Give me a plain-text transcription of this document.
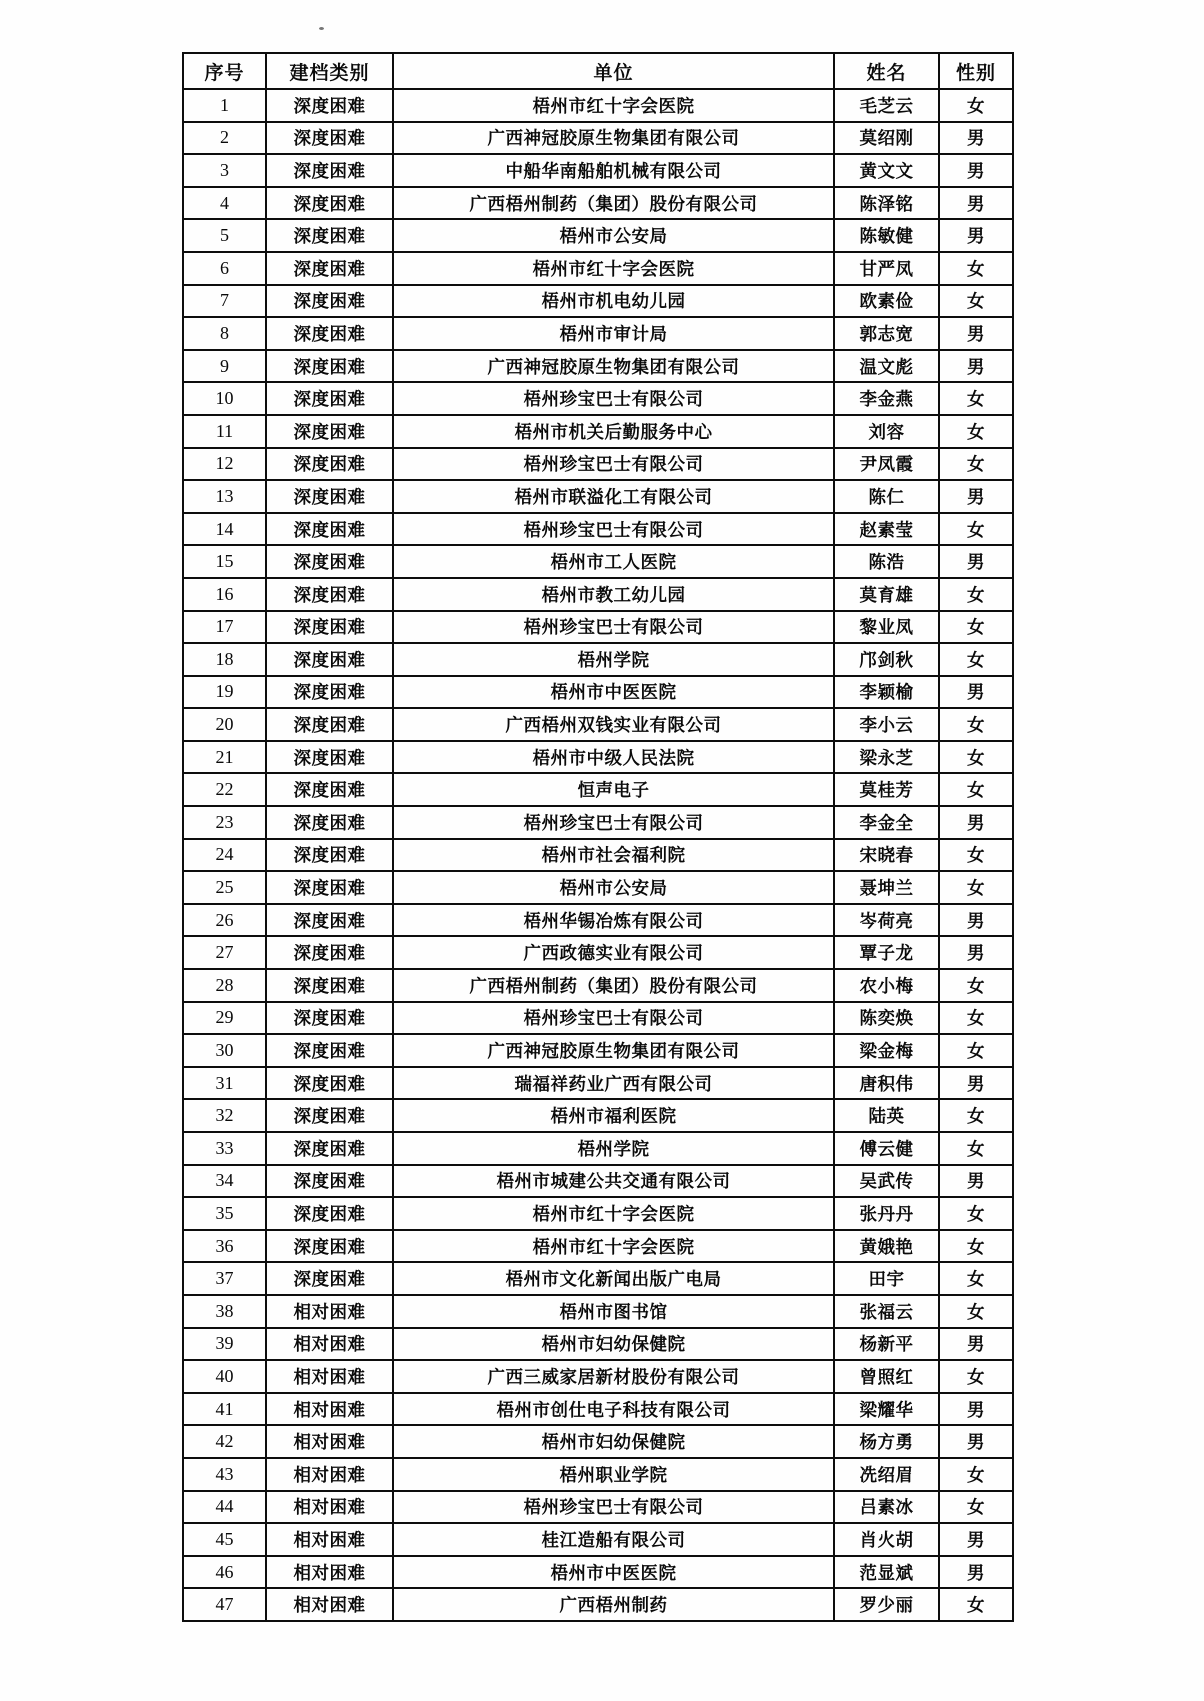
序号	建档类别	单位	姓名	性别
1	深度困难	梧州市红十字会医院	毛芝云	女
2	深度困难	广西神冠胶原生物集团有限公司	莫绍刚	男
3	深度困难	中船华南船舶机械有限公司	黄文文	男
4	深度困难	广西梧州制药（集团）股份有限公司	陈泽铭	男
5	深度困难	梧州市公安局	陈敏健	男
6	深度困难	梧州市红十字会医院	甘严凤	女
7	深度困难	梧州市机电幼儿园	欧素俭	女
8	深度困难	梧州市审计局	郭志宽	男
9	深度困难	广西神冠胶原生物集团有限公司	温文彪	男
10	深度困难	梧州珍宝巴士有限公司	李金燕	女
11	深度困难	梧州市机关后勤服务中心	刘容	女
12	深度困难	梧州珍宝巴士有限公司	尹凤霞	女
13	深度困难	梧州市联溢化工有限公司	陈仁	男
14	深度困难	梧州珍宝巴士有限公司	赵素莹	女
15	深度困难	梧州市工人医院	陈浩	男
16	深度困难	梧州市教工幼儿园	莫育雄	女
17	深度困难	梧州珍宝巴士有限公司	黎业凤	女
18	深度困难	梧州学院	邝剑秋	女
19	深度困难	梧州市中医医院	李颖榆	男
20	深度困难	广西梧州双钱实业有限公司	李小云	女
21	深度困难	梧州市中级人民法院	梁永芝	女
22	深度困难	恒声电子	莫桂芳	女
23	深度困难	梧州珍宝巴士有限公司	李金全	男
24	深度困难	梧州市社会福利院	宋晓春	女
25	深度困难	梧州市公安局	聂坤兰	女
26	深度困难	梧州华锡冶炼有限公司	岑荷亮	男
27	深度困难	广西政德实业有限公司	覃子龙	男
28	深度困难	广西梧州制药（集团）股份有限公司	农小梅	女
29	深度困难	梧州珍宝巴士有限公司	陈奕焕	女
30	深度困难	广西神冠胶原生物集团有限公司	梁金梅	女
31	深度困难	瑞福祥药业广西有限公司	唐积伟	男
32	深度困难	梧州市福利医院	陆英	女
33	深度困难	梧州学院	傅云健	女
34	深度困难	梧州市城建公共交通有限公司	吴武传	男
35	深度困难	梧州市红十字会医院	张丹丹	女
36	深度困难	梧州市红十字会医院	黄娥艳	女
37	深度困难	梧州市文化新闻出版广电局	田宇	女
38	相对困难	梧州市图书馆	张福云	女
39	相对困难	梧州市妇幼保健院	杨新平	男
40	相对困难	广西三威家居新材股份有限公司	曾照红	女
41	相对困难	梧州市创仕电子科技有限公司	梁耀华	男
42	相对困难	梧州市妇幼保健院	杨方勇	男
43	相对困难	梧州职业学院	冼绍眉	女
44	相对困难	梧州珍宝巴士有限公司	吕素冰	女
45	相对困难	桂江造船有限公司	肖火胡	男
46	相对困难	梧州市中医医院	范显斌	男
47	相对困难	广西梧州制药	罗少丽	女
